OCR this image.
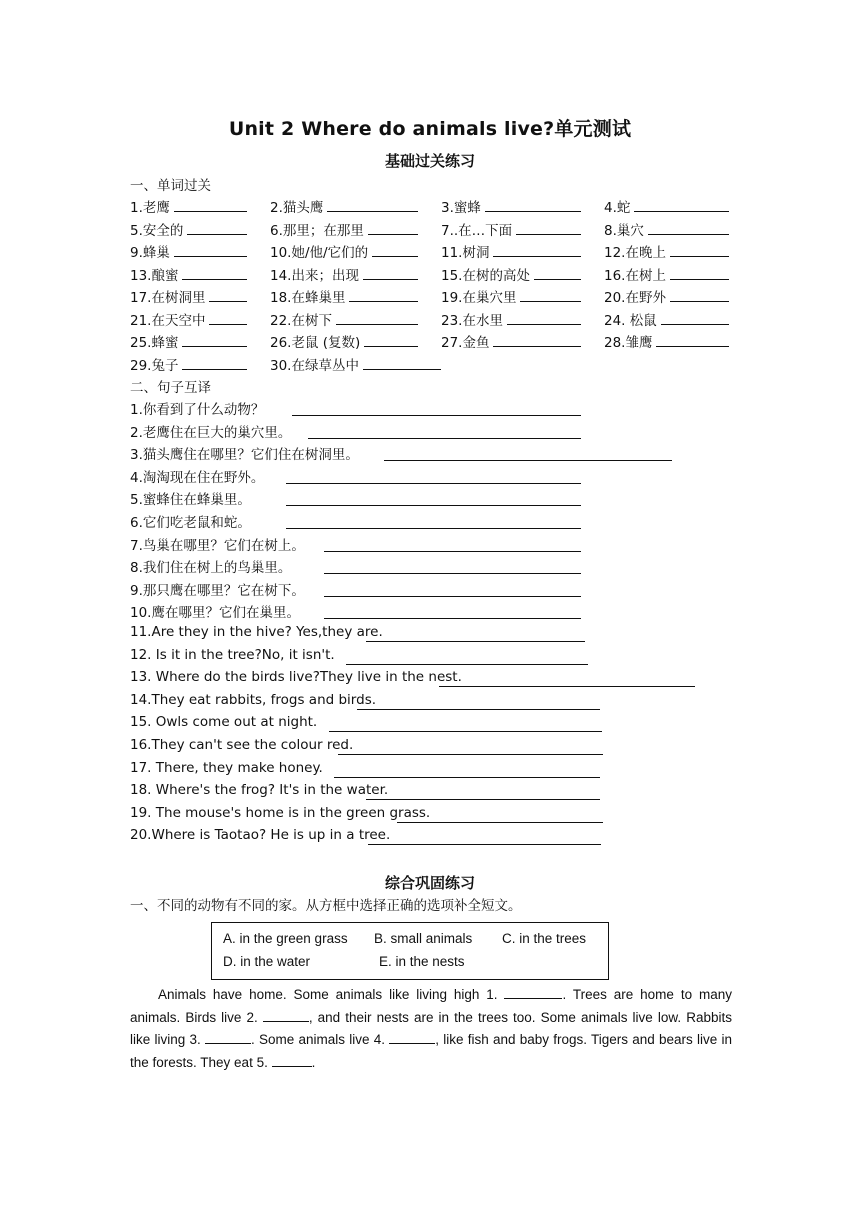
Unit 2 Where do animals live?单元测试
基础过关练习
一、单词过关
1.老鹰	2.猫头鹰	3.蜜蜂	4.蛇
5.安全的	6.那里；在那里	7..在…下面	8.巢穴
9.蜂巢	10.她/他/它们的	11.树洞	12.在晚上
13.酿蜜	14.出来；出现	15.在树的高处	16.在树上
17.在树洞里	18.在蜂巢里	19.在巢穴里	20.在野外
21.在天空中	22.在树下	23.在水里	24. 松鼠
25.蜂蜜	26.老鼠 (复数)	27.金鱼	28.雏鹰
29.兔子	30.在绿草丛中
二、句子互译
1.你看到了什么动物？
2.老鹰住在巨大的巢穴里。
3.猫头鹰住在哪里？它们住在树洞里。
4.淘淘现在住在野外。
5.蜜蜂住在蜂巢里。
6.它们吃老鼠和蛇。
7.鸟巢在哪里？它们在树上。
8.我们住在树上的鸟巢里。
9.那只鹰在哪里？它在树下。
10.鹰在哪里？它们在巢里。
11.Are they in the hive? Yes,they are.
12. Is it in the tree?No, it isn't.
13. Where do the birds live?They live in the nest.
14.They eat rabbits, frogs and birds.
15. Owls come out at night.
16.They can't see the colour red.
17. There, they make honey.
18. Where's the frog? It's in the water.
19. The mouse's home is in the green grass.
20.Where is Taotao? He is up in a tree.
综合巩固练习
一、不同的动物有不同的家。从方框中选择正确的选项补全短文。
A. in the green grass B. small animals C. in the trees
D. in the water	E. in the nests
Animals have home. Some animals like living high 1.	. Trees are home to many animals. Birds live 2.	, and their nests are in the trees too. Some animals live low. Rabbits like living 3.	. Some animals live 4.	, like fish and baby frogs. Tigers and bears live in the forests. They eat 5.	.
